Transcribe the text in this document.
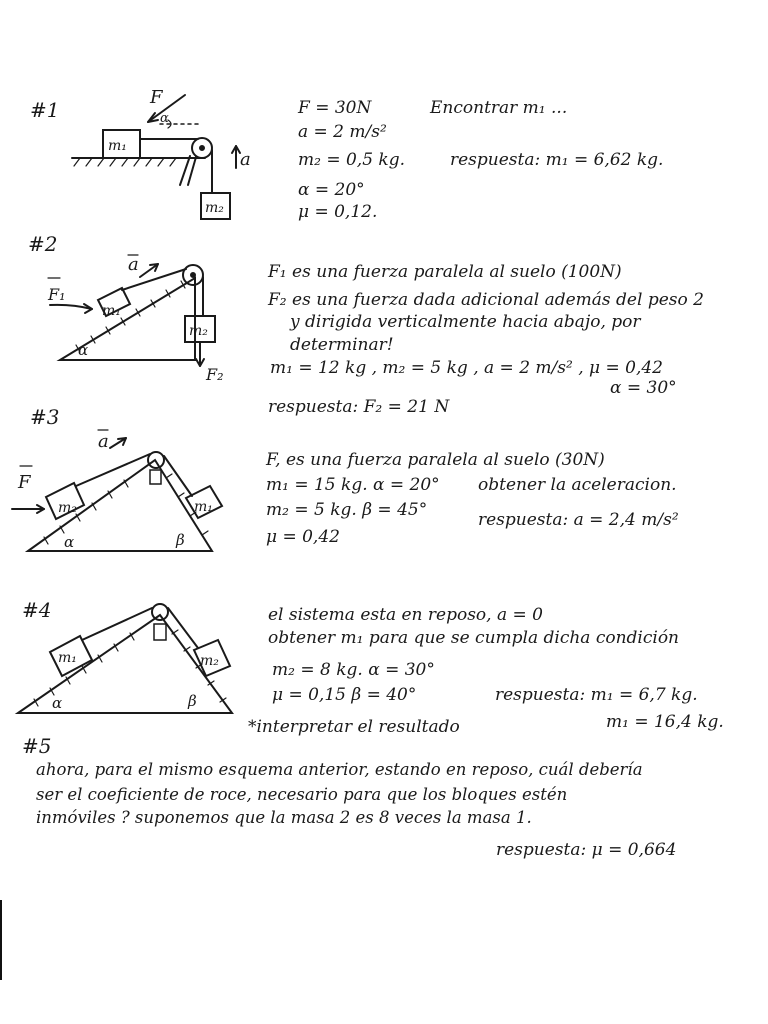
F
m₁
m₂
α
a
a
F₁
m₁
m₂
F₂
α
a
F
m₂	m₁
α	β
m₁	m₂
α	β
#1	F = 30N
a = 2 m/s²
m₂ = 0,5 kg.
α = 20°
μ = 0,12.
Encontrar m₁ ...
respuesta: m₁ = 6,62 kg.
#2
F₁ es una fuerza paralela al suelo (100N)
F₂ es una fuerza dada adicional además del peso 2
y dirigida verticalmente hacia abajo, por
determinar!
m₁ = 12 kg , m₂ = 5 kg , a = 2 m/s² , μ = 0,42
α = 30°
respuesta: F₂ = 21 N
#3
F, es una fuerza paralela al suelo (30N)
m₁ = 15 kg. α = 20°
m₂ = 5 kg. β = 45°
μ = 0,42
obtener la aceleracion.
respuesta: a = 2,4 m/s²
#4	el sistema esta en reposo, a = 0
obtener m₁ para que se cumpla dicha condición
m₂ = 8 kg. α = 30°
μ = 0,15 β = 40°	respuesta: m₁ = 6,7 kg.
m₁ = 16,4 kg.
*interpretar el resultado
#5
ahora, para el mismo esquema anterior, estando en reposo, cuál debería
ser el coeficiente de roce, necesario para que los bloques estén
inmóviles ? suponemos que la masa 2 es 8 veces la masa 1.
respuesta: μ = 0,664
